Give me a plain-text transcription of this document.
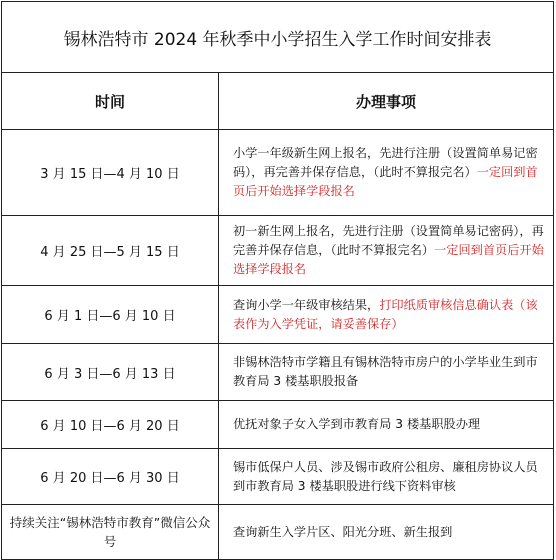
锡林浩特市 2024 年秋季中小学招生入学工作时间安排表	
时间	办理事项
3 月 15 日—4 月 10 日	小学一年级新生网上报名，先进行注册（设置简单易记密码），再完善并保存信息，（此时不算报完名）一定回到首页后开始选择学段报名
4 月 25 日—5 月 15 日	初一新生网上报名，先进行注册（设置简单易记密码），再完善并保存信息，（此时不算报完名）一定回到首页后开始选择学段报名
6 月 1 日—6 月 10 日	查询小学一年级审核结果，打印纸质审核信息确认表（该表作为入学凭证，请妥善保存）
6 月 3 日—6 月 13 日	非锡林浩特市学籍且有锡林浩特市房户的小学毕业生到市教育局 3 楼基职股报备
6 月 10 日—6 月 20 日	优抚对象子女入学到市教育局 3 楼基职股办理
6 月 20 日—6 月 30 日	锡市低保户人员、涉及锡市政府公租房、廉租房协议人员到市教育局 3 楼基职股进行线下资料审核
持续关注“锡林浩特市教育”微信公众号	查询新生入学片区、阳光分班、新生报到
